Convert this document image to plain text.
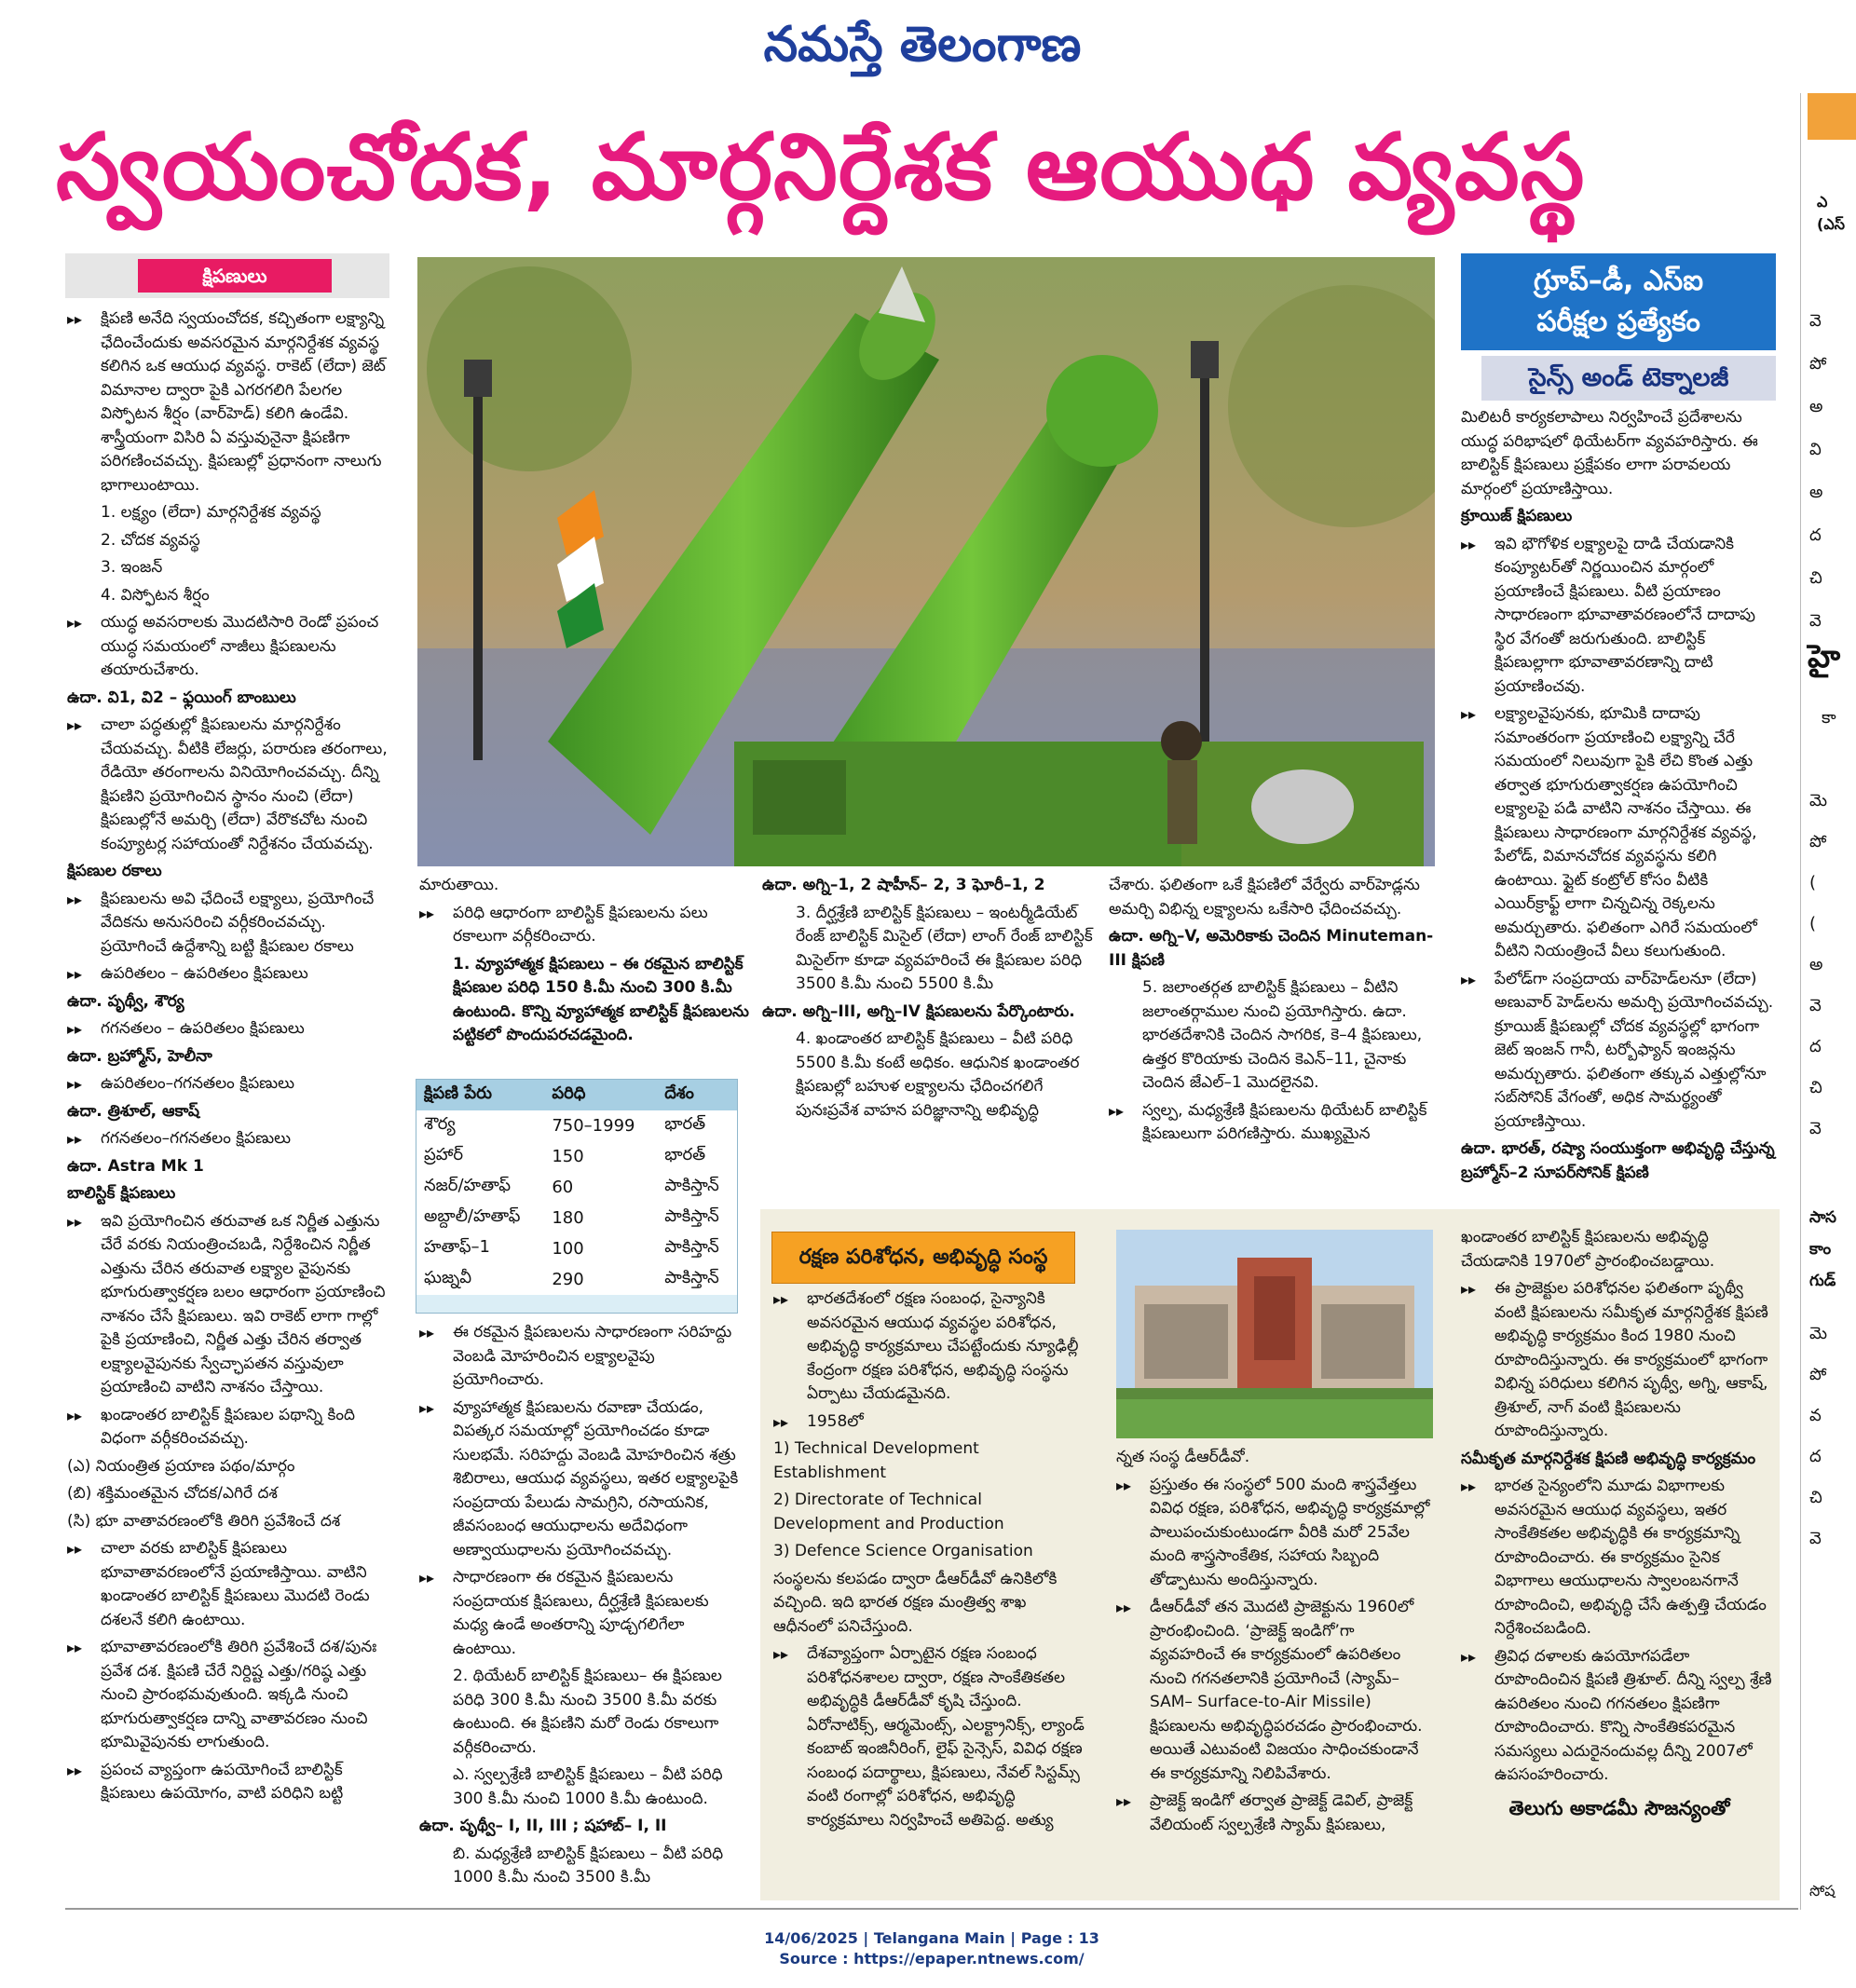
నమస్తే తెలంగాణ
స్వయంచోదక, మార్గనిర్దేశక ఆయుధ వ్యవస్థ
క్షిపణులు

▸▸ క్షిపణి అనేది స్వయంచోదక, కచ్చితంగా లక్ష్యాన్ని ఛేదించేందుకు అవసరమైన మార్గనిర్దేశక వ్యవస్థ కలిగిన ఒక ఆయుధ వ్యవస్థ. రాకెట్ (లేదా) జెట్ విమానాల ద్వారా పైకి ఎగరగలిగి పేలగల విస్ఫోటన శీర్షం (వార్‌హెడ్) కలిగి ఉండేవి. శాస్త్రీయంగా విసిరి ఏ వస్తువునైనా క్షిపణిగా పరిగణించవచ్చు. క్షిపణుల్లో ప్రధానంగా నాలుగు భాగాలుంటాయి.

1. లక్ష్యం (లేదా) మార్గనిర్దేశక వ్యవస్థ

2. చోదక వ్యవస్థ

3. ఇంజన్

4. విస్ఫోటన శీర్షం

▸▸ యుద్ధ అవసరాలకు మొదటిసారి రెండో ప్రపంచ యుద్ధ సమయంలో నాజీలు క్షిపణులను తయారుచేశారు.

ఉదా. వి1, వి2 – ఫ్లయింగ్ బాంబులు

▸▸ చాలా పద్ధతుల్లో క్షిపణులను మార్గనిర్దేశం చేయవచ్చు. వీటికి లేజర్లు, పరారుణ తరంగాలు, రేడియో తరంగాలను వినియోగించవచ్చు. దీన్ని క్షిపణిని ప్రయోగించిన స్థానం నుంచి (లేదా) క్షిపణుల్లోనే అమర్చి (లేదా) వేరొకచోట నుంచి కంప్యూటర్ల సహాయంతో నిర్దేశనం చేయవచ్చు.

క్షిపణుల రకాలు

▸▸ క్షిపణులను అవి ఛేదించే లక్ష్యాలు, ప్రయోగించే వేదికను అనుసరించి వర్గీకరించవచ్చు. ప్రయోగించే ఉద్దేశాన్ని బట్టి క్షిపణుల రకాలు

▸▸ ఉపరితలం – ఉపరితలం క్షిపణులు

ఉదా. పృథ్వీ, శౌర్య

▸▸ గగనతలం – ఉపరితలం క్షిపణులు

ఉదా. బ్రహ్మోస్, హెలీనా

▸▸ ఉపరితలం–గగనతలం క్షిపణులు

ఉదా. త్రిశూల్, ఆకాష్

▸▸ గగనతలం–గగనతలం క్షిపణులు

ఉదా. Astra Mk 1

బాలిస్టిక్ క్షిపణులు

▸▸ ఇవి ప్రయోగించిన తరువాత ఒక నిర్ణీత ఎత్తును చేరే వరకు నియంత్రించబడి, నిర్దేశించిన నిర్ణీత ఎత్తును చేరిన తరువాత లక్ష్యాల వైపునకు భూగురుత్వాకర్షణ బలం ఆధారంగా ప్రయాణించి నాశనం చేసే క్షిపణులు. ఇవి రాకెట్ లాగా గాల్లో పైకి ప్రయాణించి, నిర్ణీత ఎత్తు చేరిన తర్వాత లక్ష్యాలవైపునకు స్వేచ్ఛాపతన వస్తువులా ప్రయాణించి వాటిని నాశనం చేస్తాయి.

▸▸ ఖండాంతర బాలిస్టిక్ క్షిపణుల పథాన్ని కింది విధంగా వర్గీకరించవచ్చు.

(ఎ) నియంత్రిత ప్రయాణ పథం/మార్గం

(బి) శక్తిమంతమైన చోదక/ఎగిరే దశ

(సి) భూ వాతావరణంలోకి తిరిగి ప్రవేశించే దశ

▸▸ చాలా వరకు బాలిస్టిక్ క్షిపణులు భూవాతావరణంలోనే ప్రయాణిస్తాయి. వాటిని ఖండాంతర బాలిస్టిక్ క్షిపణులు మొదటి రెండు దశలనే కలిగి ఉంటాయి.

▸▸ భూవాతావరణంలోకి తిరిగి ప్రవేశించే దశ/పునః ప్రవేశ దశ. క్షిపణి చేరే నిర్దిష్ట ఎత్తు/గరిష్ఠ ఎత్తు నుంచి ప్రారంభమవుతుంది. ఇక్కడి నుంచి భూగురుత్వాకర్షణ దాన్ని వాతావరణం నుంచి భూమివైపునకు లాగుతుంది.

▸▸ ప్రపంచ వ్యాప్తంగా ఉపయోగించే బాలిస్టిక్ క్షిపణులు ఉపయోగం, వాటి పరిధిని బట్టి

మారుతాయి.

▸▸ పరిధి ఆధారంగా బాలిస్టిక్ క్షిపణులను పలు రకాలుగా వర్గీకరించారు.

1. వ్యూహాత్మక క్షిపణులు – ఈ రకమైన బాలిస్టిక్ క్షిపణుల పరిధి 150 కి.మీ నుంచి 300 కి.మీ ఉంటుంది. కొన్ని వ్యూహాత్మక బాలిస్టిక్ క్షిపణులను పట్టికలో పొందుపరచడమైంది.

క్షిపణి పేరు	పరిధి	దేశం
శౌర్య	750–1999	భారత్
ప్రహార్	150	భారత్
నజర్/హతాఫ్	60	పాకిస్తాన్
అబ్దాలీ/హతాఫ్	180	పాకిస్తాన్
హతాఫ్–1	100	పాకిస్తాన్
ఘజ్నవీ	290	పాకిస్తాన్

▸▸ ఈ రకమైన క్షిపణులను సాధారణంగా సరిహద్దు వెంబడి మోహరించిన లక్ష్యాలవైపు ప్రయోగించారు.

▸▸ వ్యూహాత్మక క్షిపణులను రవాణా చేయడం, విపత్కర సమయాల్లో ప్రయోగించడం కూడా సులభమే. సరిహద్దు వెంబడి మోహరించిన శత్రు శిబిరాలు, ఆయుధ వ్యవస్థలు, ఇతర లక్ష్యాలపైకి సంప్రదాయ పేలుడు సామగ్రిని, రసాయనిక, జీవసంబంధ ఆయుధాలను అదేవిధంగా అణ్వాయుధాలను ప్రయోగించవచ్చు.

▸▸ సాధారణంగా ఈ రకమైన క్షిపణులను సంప్రదాయక క్షిపణులు, దీర్ఘశ్రేణి క్షిపణులకు మధ్య ఉండే అంతరాన్ని పూడ్చగలిగేలా ఉంటాయి.

2. థియేటర్ బాలిస్టిక్ క్షిపణులు– ఈ క్షిపణుల పరిధి 300 కి.మీ నుంచి 3500 కి.మీ వరకు ఉంటుంది. ఈ క్షిపణిని మరో రెండు రకాలుగా వర్గీకరించారు.

ఎ. స్వల్పశ్రేణి బాలిస్టిక్ క్షిపణులు – వీటి పరిధి 300 కి.మీ నుంచి 1000 కి.మీ ఉంటుంది.

ఉదా. పృథ్వీ– I, II, III ; షహాబ్– I, II

బి. మధ్యశ్రేణి బాలిస్టిక్ క్షిపణులు – వీటి పరిధి 1000 కి.మీ నుంచి 3500 కి.మీ

ఉదా. అగ్ని–1, 2 షాహీన్– 2, 3 ఘోరీ–1, 2

3. దీర్ఘశ్రేణి బాలిస్టిక్ క్షిపణులు – ఇంటర్మీడియేట్ రేంజ్ బాలిస్టిక్ మిసైల్ (లేదా) లాంగ్ రేంజ్ బాలిస్టిక్ మిసైల్‌గా కూడా వ్యవహరించే ఈ క్షిపణుల పరిధి 3500 కి.మీ నుంచి 5500 కి.మీ

ఉదా. అగ్ని–III, అగ్ని–IV క్షిపణులను పేర్కొంటారు.

4. ఖండాంతర బాలిస్టిక్ క్షిపణులు – వీటి పరిధి 5500 కి.మీ కంటే అధికం. ఆధునిక ఖండాంతర క్షిపణుల్లో బహుళ లక్ష్యాలను ఛేదించగలిగే పునఃప్రవేశ వాహన పరిజ్ఞానాన్ని అభివృద్ధి

చేశారు. ఫలితంగా ఒకే క్షిపణిలో వేర్వేరు వార్‌హెడ్లను అమర్చి విభిన్న లక్ష్యాలను ఒకేసారి ఛేదించవచ్చు.

ఉదా. అగ్ని–V, అమెరికాకు చెందిన Minuteman-III క్షిపణి

5. జలాంతర్గత బాలిస్టిక్ క్షిపణులు – వీటిని జలాంతర్గాముల నుంచి ప్రయోగిస్తారు. ఉదా. భారతదేశానికి చెందిన సాగరిక, కె–4 క్షిపణులు, ఉత్తర కొరియాకు చెందిన కెఎన్–11, చైనాకు చెందిన జేఎల్–1 మొదలైనవి.

▸▸ స్వల్ప, మధ్యశ్రేణి క్షిపణులను థియేటర్ బాలిస్టిక్ క్షిపణులుగా పరిగణిస్తారు. ముఖ్యమైన

గ్రూప్–డీ, ఎస్ఐ
పరీక్షల ప్రత్యేకం
సైన్స్ అండ్ టెక్నాలజీ

మిలిటరీ కార్యకలాపాలు నిర్వహించే ప్రదేశాలను యుద్ధ పరిభాషలో థియేటర్‌గా వ్యవహరిస్తారు. ఈ బాలిస్టిక్ క్షిపణులు ప్రక్షేపకం లాగా పరావలయ మార్గంలో ప్రయాణిస్తాయి.

క్రూయిజ్ క్షిపణులు

▸▸ ఇవి భౌగోళిక లక్ష్యాలపై దాడి చేయడానికి కంప్యూటర్‌తో నిర్ణయించిన మార్గంలో ప్రయాణించే క్షిపణులు. వీటి ప్రయాణం సాధారణంగా భూవాతావరణంలోనే దాదాపు స్థిర వేగంతో జరుగుతుంది. బాలిస్టిక్ క్షిపణుల్లాగా భూవాతావరణాన్ని దాటి ప్రయాణించవు.

▸▸ లక్ష్యాలవైపునకు, భూమికి దాదాపు సమాంతరంగా ప్రయాణించి లక్ష్యాన్ని చేరే సమయంలో నిలువుగా పైకి లేచి కొంత ఎత్తు తర్వాత భూగురుత్వాకర్షణ ఉపయోగించి లక్ష్యాలపై పడి వాటిని నాశనం చేస్తాయి. ఈ క్షిపణులు సాధారణంగా మార్గనిర్దేశక వ్యవస్థ, పేలోడ్, విమానచోదక వ్యవస్థను కలిగి ఉంటాయి. ఫ్లైట్ కంట్రోల్ కోసం వీటికి ఎయిర్‌క్రాఫ్ట్ లాగా చిన్నచిన్న రెక్కలను అమర్చుతారు. ఫలితంగా ఎగిరే సమయంలో వీటిని నియంత్రించే వీలు కలుగుతుంది.

▸▸ పేలోడ్‌గా సంప్రదాయ వార్‌హెడ్‌లనూ (లేదా) అణువార్ హెడ్‌లను అమర్చి ప్రయోగించవచ్చు. క్రూయిజ్ క్షిపణుల్లో చోదక వ్యవస్థల్లో భాగంగా జెట్ ఇంజన్ గానీ, టర్బోఫ్యాన్ ఇంజన్లను అమర్చుతారు. ఫలితంగా తక్కువ ఎత్తుల్లోనూ సబ్‌సోనిక్ వేగంతో, అధిక సామర్థ్యంతో ప్రయాణిస్తాయి.

ఉదా. భారత్, రష్యా సంయుక్తంగా అభివృద్ధి చేస్తున్న బ్రహ్మోస్–2 సూపర్‌సోనిక్ క్షిపణి

రక్షణ పరిశోధన, అభివృద్ధి సంస్థ

▸▸ భారతదేశంలో రక్షణ సంబంధ, సైన్యానికి అవసరమైన ఆయుధ వ్యవస్థల పరిశోధన, అభివృద్ధి కార్యక్రమాలు చేపట్టేందుకు న్యూఢిల్లీ కేంద్రంగా రక్షణ పరిశోధన, అభివృద్ధి సంస్థను ఏర్పాటు చేయడమైనది.

▸▸ 1958లో

1) Technical Development Establishment

2) Directorate of Technical Development and Production

3) Defence Science Organisation

సంస్థలను కలపడం ద్వారా డీఆర్‌డీవో ఉనికిలోకి వచ్చింది. ఇది భారత రక్షణ మంత్రిత్వ శాఖ ఆధీనంలో పనిచేస్తుంది.

▸▸ దేశవ్యాప్తంగా ఏర్పాటైన రక్షణ సంబంధ పరిశోధనశాలల ద్వారా, రక్షణ సాంకేతికతల అభివృద్ధికి డీఆర్‌డీవో కృషి చేస్తుంది. ఏరోనాటిక్స్, ఆర్మమెంట్స్, ఎలక్ట్రానిక్స్, ల్యాండ్ కంబాట్ ఇంజినీరింగ్, లైఫ్ సైన్సెస్, వివిధ రక్షణ సంబంధ పదార్థాలు, క్షిపణులు, నేవల్ సిస్టమ్స్ వంటి రంగాల్లో పరిశోధన, అభివృద్ధి కార్యక్రమాలు నిర్వహించే అతిపెద్ద. అత్యు

న్నత సంస్థ డీఆర్‌డీవో.

▸▸ ప్రస్తుతం ఈ సంస్థలో 500 మంది శాస్త్రవేత్తలు వివిధ రక్షణ, పరిశోధన, అభివృద్ధి కార్యక్రమాల్లో పాలుపంచుకుంటుండగా వీరికి మరో 25వేల మంది శాస్త్రసాంకేతిక, సహాయ సిబ్బంది తోడ్పాటును అందిస్తున్నారు.

▸▸ డీఆర్‌డీవో తన మొదటి ప్రాజెక్టును 1960లో ప్రారంభించింది. ‘ప్రాజెక్ట్ ఇండిగో’గా వ్యవహరించే ఈ కార్యక్రమంలో ఉపరితలం నుంచి గగనతలానికి ప్రయోగించే (స్యామ్– SAM– Surface-to-Air Missile) క్షిపణులను అభివృద్ధిపరచడం ప్రారంభించారు. అయితే ఎటువంటి విజయం సాధించకుండానే ఈ కార్యక్రమాన్ని నిలిపివేశారు.

▸▸ ప్రాజెక్ట్ ఇండిగో తర్వాత ప్రాజెక్ట్ డెవిల్, ప్రాజెక్ట్ వేలియంట్ స్వల్పశ్రేణి స్యామ్ క్షిపణులు,

ఖండాంతర బాలిస్టిక్ క్షిపణులను అభివృద్ధి చేయడానికి 1970లో ప్రారంభించబడ్డాయి.

▸▸ ఈ ప్రాజెక్టుల పరిశోధనల ఫలితంగా పృథ్వీ వంటి క్షిపణులను సమీకృత మార్గనిర్దేశక క్షిపణి అభివృద్ధి కార్యక్రమం కింద 1980 నుంచి రూపొందిస్తున్నారు. ఈ కార్యక్రమంలో భాగంగా విభిన్న పరిధులు కలిగిన పృథ్వీ, అగ్ని, ఆకాష్, త్రిశూల్, నాగ్ వంటి క్షిపణులను రూపొందిస్తున్నారు.

సమీకృత మార్గనిర్దేశక క్షిపణి అభివృద్ధి కార్యక్రమం

▸▸ భారత సైన్యంలోని మూడు విభాగాలకు అవసరమైన ఆయుధ వ్యవస్థలు, ఇతర సాంకేతికతల అభివృద్ధికి ఈ కార్యక్రమాన్ని రూపొందించారు. ఈ కార్యక్రమం సైనిక విభాగాలు ఆయుధాలను స్వాలంబనగానే రూపొందించి, అభివృద్ధి చేసే ఉత్పత్తి చేయడం నిర్దేశించబడింది.

▸▸ త్రివిధ దళాలకు ఉపయోగపడేలా రూపొందించిన క్షిపణి త్రిశూల్. దీన్ని స్వల్ప శ్రేణి ఉపరితలం నుంచి గగనతలం క్షిపణిగా రూపొందించారు. కొన్ని సాంకేతికపరమైన సమస్యలు ఎదురైనందువల్ల దీన్ని 2007లో ఉపసంహరించారు.

తెలుగు అకాడమీ సౌజన్యంతో

ఎ
(ఎస్
వె
పో
అ
వి
అ
ద
చి
వె
హై
కా
మె
పో
(
(
అ
వె
ద
చి
వె
సాస
కాం
గుడ్
మె
పో
వ
ద
చి
వె
సోష
14/06/2025 | Telangana Main | Page : 13
Source : https://epaper.ntnews.com/
